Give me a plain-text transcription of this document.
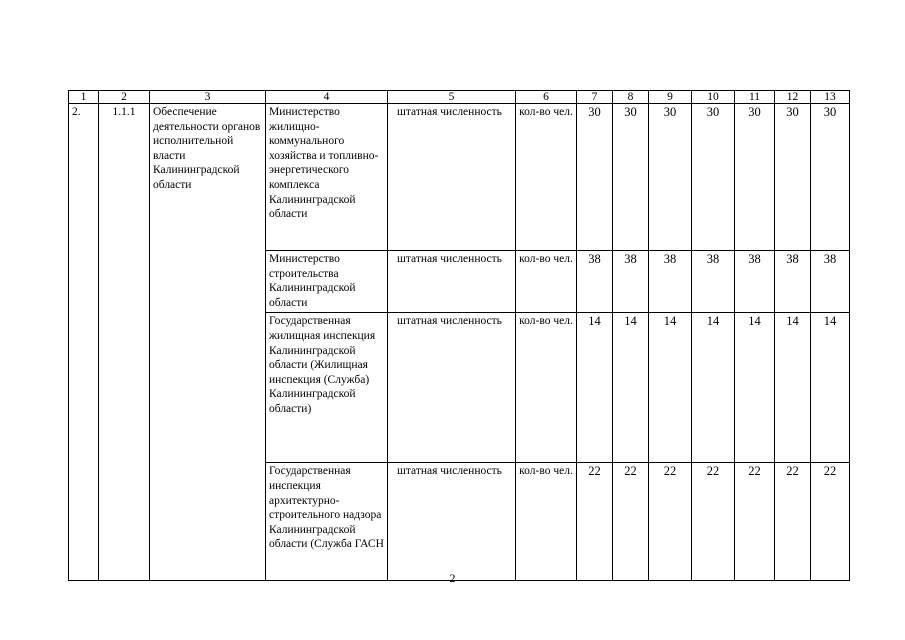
1	2	3	4	5	6	7	8	9	10	11	12	13
2.	1.1.1	Обеспечение деятельности органов исполнительной власти Калининградской области	Министерство жилищно-коммунального хозяйства и топливно-энергетического комплекса Калининградской области	штатная численность	кол-во чел.	30	30	30	30	30	30	30
			Министерство строительства Калининградской области	штатная численность	кол-во чел.	38	38	38	38	38	38	38
			Государственная жилищная инспекция Калининградской области (Жилищная инспекция (Служба) Калининградской области)	штатная численность	кол-во чел.	14	14	14	14	14	14	14
			Государственная инспекция архитектурно-строительного надзора Калининградской области (Служба ГАСН	штатная численность	кол-во чел.	22	22	22	22	22	22	22
2
